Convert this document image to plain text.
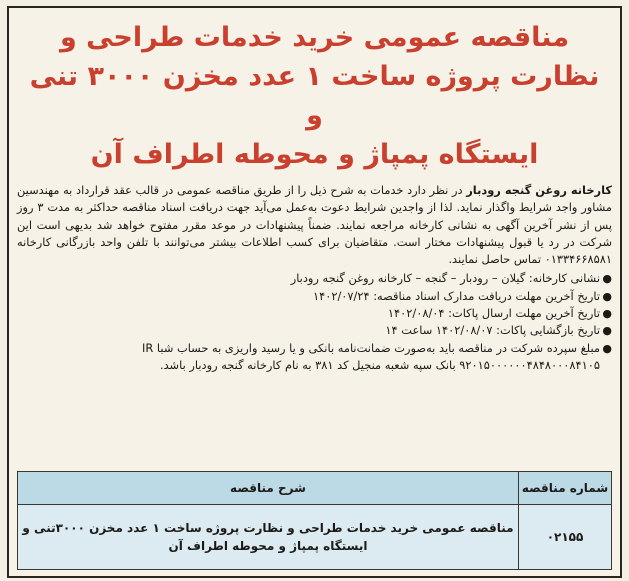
مناقصه عمومی خرید خدمات طراحی و
نظارت پروژه ساخت ۱ عدد مخزن ۳۰۰۰ تنی و
ایستگاه پمپاژ و محوطه اطراف آن

کارخانه روغن گنجه رودبار در نظر دارد خدمات به شرح ذیل را از طریق مناقصه عمومی در قالب عقد قرارداد به مهندسین مشاور واجد شرایط واگذار نماید. لذا از واجدین شرایط دعوت به‌عمل می‌آید جهت دریافت اسناد مناقصه حداکثر به مدت ۳ روز پس از نشر آخرین آگهی به نشانی کارخانه مراجعه نمایند. ضمناً پیشنهادات در موعد مقرر مفتوح خواهد شد بدیهی است این شرکت در رد یا قبول پیشنهادات مختار است. متقاضیان برای کسب اطلاعات بیشتر می‌توانند با تلفن واحد بازرگانی کارخانه ۰۱۳۳۴۶۶۸۵۸۱ تماس حاصل نمایند.

●
نشانی کارخانه: گیلان – رودبار – گنجه – کارخانه روغن گنجه رودبار
●
تاریخ آخرین مهلت دریافت مدارک اسناد مناقصه: ۱۴۰۲/۰۷/۲۴
●
تاریخ آخرین مهلت ارسال پاکات: ۱۴۰۲/۰۸/۰۴
●
تاریخ بازگشایی پاکات: ۱۴۰۲/۰۸/۰۷ ساعت ۱۴
●
مبلغ سپرده شرکت در مناقصه باید به‌صورت ضمانت‌نامه بانکی و یا رسید واریزی به حساب شبا IR ۹۲۰۱۵۰۰۰۰۰۰۴۸۴۸۰۰۰۸۴۱۰۵ بانک سپه شعبه منجیل کد ۳۸۱ به نام کارخانه گنجه رودبار باشد.
شماره مناقصه	شرح مناقصه
۰۲۱۵۵	مناقصه عمومی خرید خدمات طراحی و نظارت پروژه ساخت ۱ عدد مخزن ۳۰۰۰تنی و ایستگاه پمپاژ و محوطه اطراف آن
